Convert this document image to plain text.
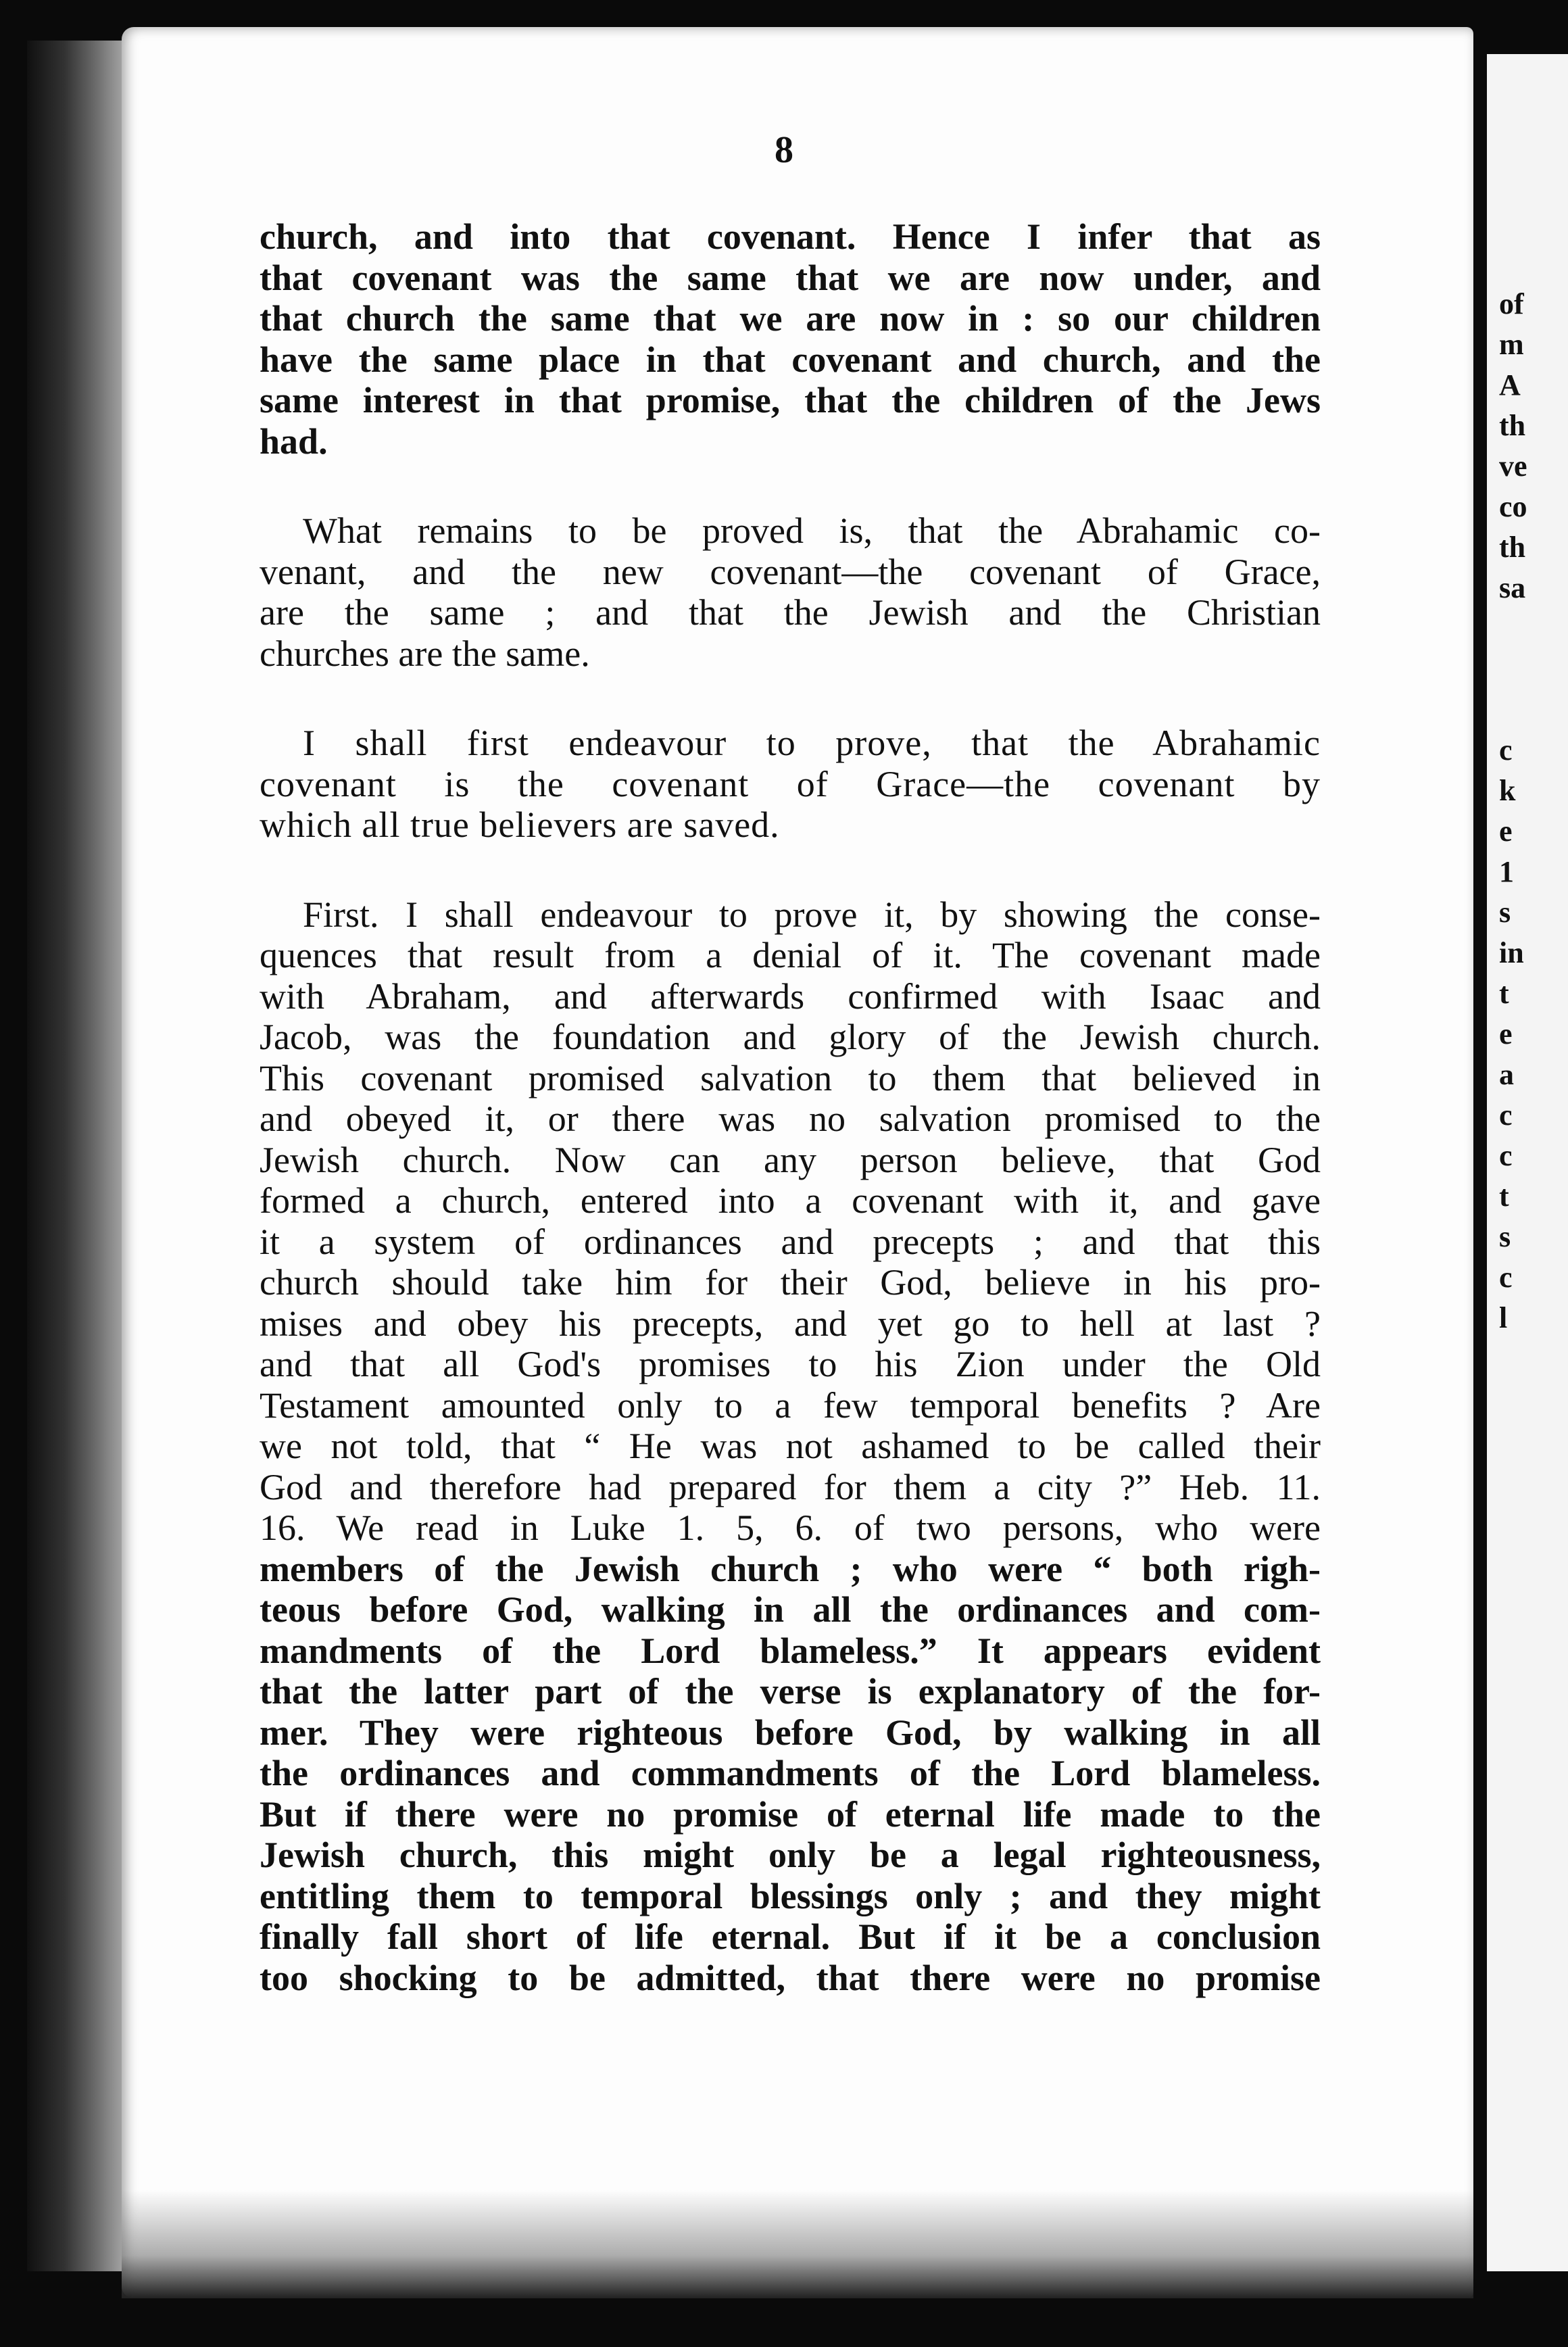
of
m
A
th
ve
co
th
sa
c
k
e
1
s
in
t
e
a
c
c
t
s
c
l
8
church, and into that covenant. Hence I infer that as
that covenant was the same that we are now under, and
that church the same that we are now in : so our children
have the same place in that covenant and church, and the
same interest in that promise, that the children of the Jews
had.
What remains to be proved is, that the Abrahamic co-
venant, and the new covenant—the covenant of Grace,
are the same ; and that the Jewish and the Christian
churches are the same.
I shall first endeavour to prove, that the Abrahamic
covenant is the covenant of Grace—the covenant by
which all true believers are saved.
First. I shall endeavour to prove it, by showing the conse-
quences that result from a denial of it. The covenant made
with Abraham, and afterwards confirmed with Isaac and
Jacob, was the foundation and glory of the Jewish church.
This covenant promised salvation to them that believed in
and obeyed it, or there was no salvation promised to the
Jewish church. Now can any person believe, that God
formed a church, entered into a covenant with it, and gave
it a system of ordinances and precepts ; and that this
church should take him for their God, believe in his pro-
mises and obey his precepts, and yet go to hell at last ?
and that all God's promises to his Zion under the Old
Testament amounted only to a few temporal benefits ? Are
we not told, that “ He was not ashamed to be called their
God and therefore had prepared for them a city ?” Heb. 11.
16. We read in Luke 1. 5, 6. of two persons, who were
members of the Jewish church ; who were “ both righ-
teous before God, walking in all the ordinances and com-
mandments of the Lord blameless.” It appears evident
that the latter part of the verse is explanatory of the for-
mer. They were righteous before God, by walking in all
the ordinances and commandments of the Lord blameless.
But if there were no promise of eternal life made to the
Jewish church, this might only be a legal righteousness,
entitling them to temporal blessings only ; and they might
finally fall short of life eternal. But if it be a conclusion
too shocking to be admitted, that there were no promise
